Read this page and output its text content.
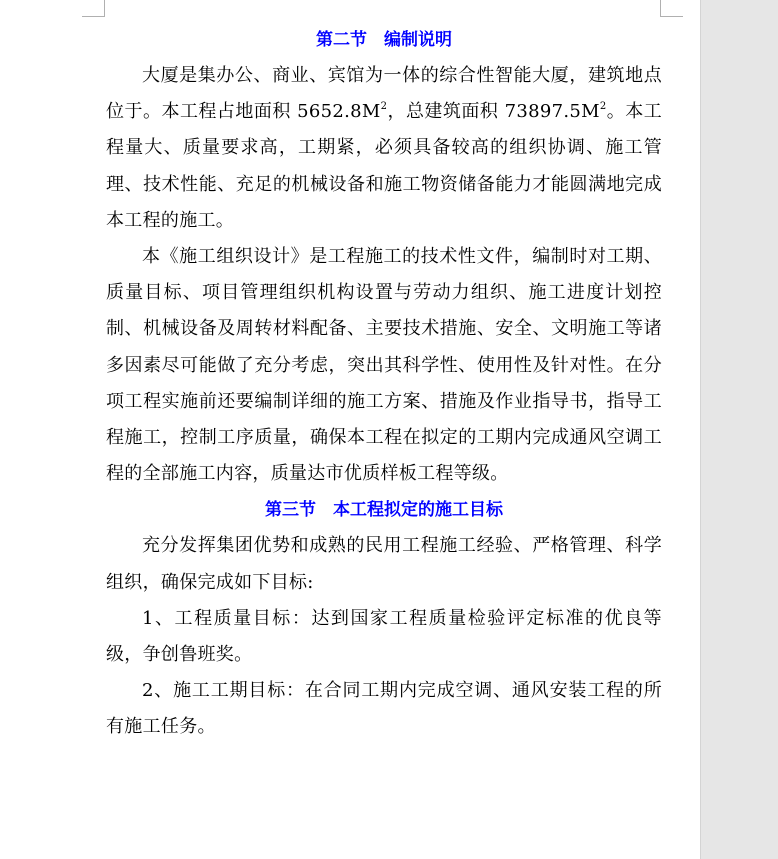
第二节　编制说明

大厦是集办公、商业、宾馆为一体的综合性智能大厦，建筑地点位于。本工程占地面积 $5652.8M^2$，总建筑面积 $73897.5M^2$。本工程量大、质量要求高，工期紧，必须具备较高的组织协调、施工管理、技术性能、充足的机械设备和施工物资储备能力才能圆满地完成本工程的施工。

本《施工组织设计》是工程施工的技术性文件，编制时对工期、质量目标、项目管理组织机构设置与劳动力组织、施工进度计划控制、机械设备及周转材料配备、主要技术措施、安全、文明施工等诸多因素尽可能做了充分考虑，突出其科学性、使用性及针对性。在分项工程实施前还要编制详细的施工方案、措施及作业指导书，指导工程施工，控制工序质量，确保本工程在拟定的工期内完成通风空调工程的全部施工内容，质量达市优质样板工程等级。

第三节　本工程拟定的施工目标

充分发挥集团优势和成熟的民用工程施工经验、严格管理、科学组织，确保完成如下目标:

1、工程质量目标：达到国家工程质量检验评定标准的优良等级，争创鲁班奖。

2、施工工期目标：在合同工期内完成空调、通风安装工程的所有施工任务。
